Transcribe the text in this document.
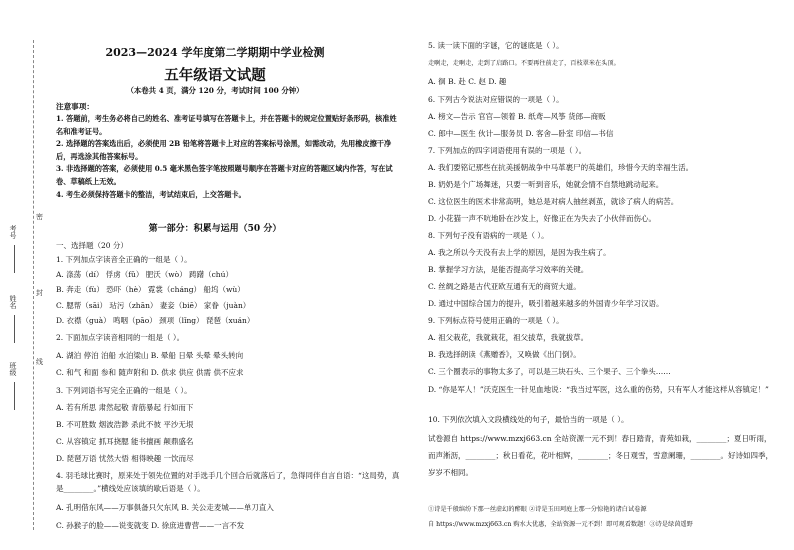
考号
姓名
班级
密
封
线
2023—2024 学年度第二学期期中学业检测
五年级语文试题
（本卷共 4 页，满分 120 分，考试时间 100 分钟）
注意事项：
1. 答题前，考生务必将自己的姓名、准考证号填写在答题卡上，并在答题卡的规定位置贴好条形码，核准姓名和准考证号。
2. 选择题的答案选出后，必须使用 2B 铅笔将答题卡上对应的答案标号涂黑，如需改动，先用橡皮擦干净后，再选涂其他答案标号。
3. 非选择题的答案，必须使用 0.5 毫米黑色签字笔按照题号顺序在答题卡对应的答题区域内作答，写在试卷、草稿纸上无效。
4. 考生必须保持答题卡的整洁，考试结束后，上交答题卡。
第一部分：积累与运用（50 分）
一、选择题（20 分）
1. 下列加点字读音全正确的一组是（ ）。
A. 涤荡（dí） 俘虏（fǔ） 肥沃（wò） 踌躇（chú）
B. 奔走（fù） 恐吓（hè） 霓裳（cháng） 船坞（wù）
C. 腮帮（sāi） 玷污（zhān） 妻妾（biē） 家眷（juàn）
D. 衣襟（guà） 鸣咽（pāo） 颈项（lǐng） 琵琶（xuán）
2. 下面加点字读音相同的一组是（ ）。
A. 湖泊 停泊 泊船 水泊梁山 B. 晕船 日晕 头晕 晕头转向
C. 和气 和面 参和 随声附和 D. 供求 供应 供需 供不应求
3. 下列词语书写完全正确的一组是（ ）。
A. 若有所思 肃然起敬 青筋暴起 行如而下
B. 不可胜数 烟波浩渺 杀此不彼 平沙无垠
C. 从容镇定 抓耳挠腮 能书擅画 颠鼎盛名
D. 琵琶万语 忧然大悟 相得映趣 一饮而尽
4. 羽毛球比赛时，原来处于领先位置的对手选手几个回合后就落后了，急得同伴自言自语：“这局势，真是________。”横线处应该填的歇后语是（ ）。
A. 孔明借东风——万事俱备只欠东风 B. 关公走麦城——单刀直入
C. 孙猴子的脸——说变就变 D. 徐庶进曹营——一言不发
5. 读一读下面的字谜，它的谜底是（ ）。
走啊走，走啊走，走到了启路口。不要再往前走了，百枝翠米在头顶。
A. 徊 B. 赴 C. 赵 D. 趣
6. 下列古今说法对应错误的一项是（ ）。
A. 榜文—告示 官官—领着 B. 纸鸢—风筝 货郎—商贩
C. 郎中—医生 伙计—服务员 D. 客舍—卧室 印信—书信
7. 下列加点的四字词语使用有误的一项是（ ）。
A. 我们要铭记那些在抗美援朝战争中马革裹尸的英雄们，珍惜今天的幸福生活。
B. 奶奶是个广场舞迷，只要一听到音乐，她就会情不自禁地跳动起来。
C. 这位医生的医术非常高明，她总是对病人抽丝剥茧，就诊了病人的病苦。
D. 小花猫一声不吭地卧在沙发上，好像正在为失去了小伙伴而伤心。
8. 下列句子没有语病的一项是（ ）。
A. 我之所以今天没有去上学的原因，是因为我生病了。
B. 掌握学习方法，是能否提高学习效率的关键。
C. 丝绸之路是古代亚欧互通有无的商贸大道。
D. 通过中国综合国力的提升，吸引着越来越多的外国青少年学习汉语。
9. 下列标点符号使用正确的一项是（ ）。
A. 祖父栽花，我就栽花，祖父拔草，我就拔草。
B. 我选择朗读《燕赠香》，又唤做《出门倒》。
C. 三个圈表示的事物太多了，可以是三块石头、三个果子、三个拳头……
D. “你是军人！”沃克医生一针见血地说：“我当过军医，这么重的伤势，只有军人才能这样从容镇定！”
10. 下列依次填入文段横线处的句子，最恰当的一项是（ ）。
试卷源自 https://www.mzxj663.cn 全站资源一元不到！春日踏青，青苑如栽，________；夏日听雨，而声淅沥，________；秋日看花，花叶相辉，________；冬日观雪，雪意阑珊，________。好诗如四季，岁岁不相同。
①诗是千般缤纷下那一丝虚幻的醉眼 ②诗是玉田珂庭上那一分惊艳的诸白试卷源
自 https://www.mzxj663.cn 购水大优惠，全站资源一元不到！即可观看数题！③诗是绿茵遥野
